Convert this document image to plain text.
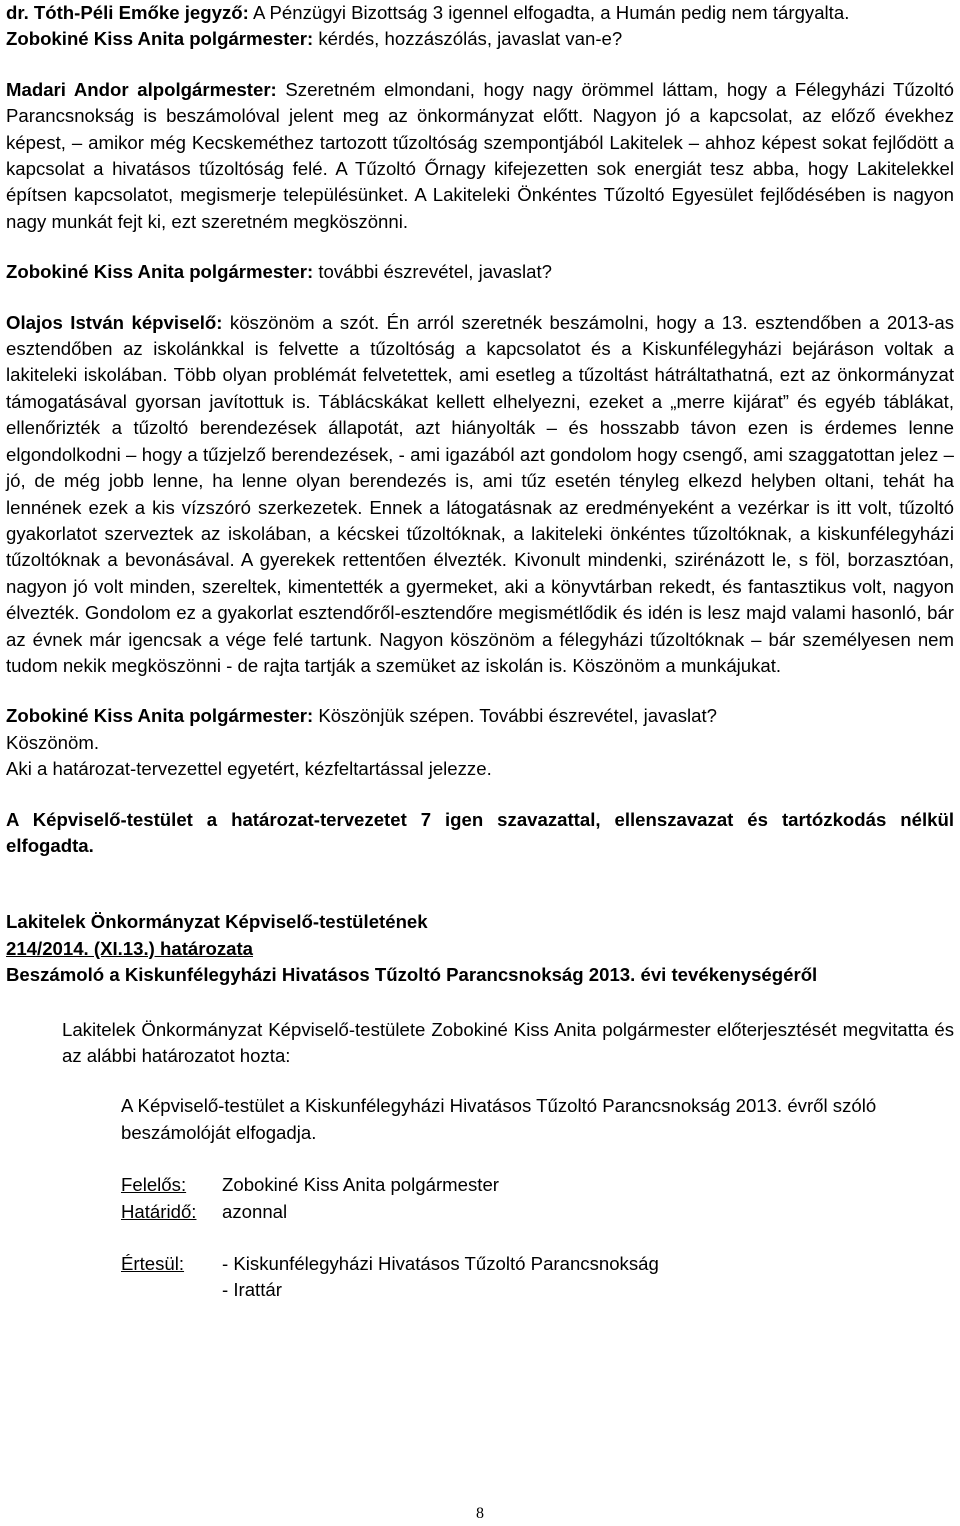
dr. Tóth-Péli Emőke jegyző: A Pénzügyi Bizottság 3 igennel elfogadta, a Humán pedig nem tárgyalta.

Zobokiné Kiss Anita polgármester: kérdés, hozzászólás, javaslat van-e?

Madari Andor alpolgármester: Szeretném elmondani, hogy nagy örömmel láttam, hogy a Félegyházi Tűzoltó Parancsnokság is beszámolóval jelent meg az önkormányzat előtt. Nagyon jó a kapcsolat, az előző évekhez képest, – amikor még Kecskeméthez tartozott tűzoltóság szempontjából Lakitelek – ahhoz képest sokat fejlődött a kapcsolat a hivatásos tűzoltóság felé. A Tűzoltó Őrnagy kifejezetten sok energiát tesz abba, hogy Lakitelekkel építsen kapcsolatot, megismerje településünket. A Lakiteleki Önkéntes Tűzoltó Egyesület fejlődésében is nagyon nagy munkát fejt ki, ezt szeretném megköszönni.

Zobokiné Kiss Anita polgármester: további észrevétel, javaslat?

Olajos István képviselő: köszönöm a szót. Én arról szeretnék beszámolni, hogy a 13. esztendőben a 2013-as esztendőben az iskolánkkal is felvette a tűzoltóság a kapcsolatot és a Kiskunfélegyházi bejáráson voltak a lakiteleki iskolában. Több olyan problémát felvetettek, ami esetleg a tűzoltást hátráltathatná, ezt az önkormányzat támogatásával gyorsan javítottuk is. Táblácskákat kellett elhelyezni, ezeket a „merre kijárat” és egyéb táblákat, ellenőrizték a tűzoltó berendezések állapotát, azt hiányolták – és hosszabb távon ezen is érdemes lenne elgondolkodni – hogy a tűzjelző berendezések, - ami igazából azt gondolom hogy csengő, ami szaggatottan jelez – jó, de még jobb lenne, ha lenne olyan berendezés is, ami tűz esetén tényleg elkezd helyben oltani, tehát ha lennének ezek a kis vízszóró szerkezetek. Ennek a látogatásnak az eredményeként a vezérkar is itt volt, tűzoltó gyakorlatot szerveztek az iskolában, a kécskei tűzoltóknak, a lakiteleki önkéntes tűzoltóknak, a kiskunfélegyházi tűzoltóknak a bevonásával. A gyerekek rettentően élvezték. Kivonult mindenki, szirénázott le, s föl, borzasztóan, nagyon jó volt minden, szereltek, kimentették a gyermeket, aki a könyvtárban rekedt, és fantasztikus volt, nagyon élvezték. Gondolom ez a gyakorlat esztendőről-esztendőre megismétlődik és idén is lesz majd valami hasonló, bár az évnek már igencsak a vége felé tartunk. Nagyon köszönöm a félegyházi tűzoltóknak – bár személyesen nem tudom nekik megköszönni - de rajta tartják a szemüket az iskolán is. Köszönöm a munkájukat.

Zobokiné Kiss Anita polgármester: Köszönjük szépen. További észrevétel, javaslat?

Köszönöm.

Aki a határozat-tervezettel egyetért, kézfeltartással jelezze.

A Képviselő-testület a határozat-tervezetet 7 igen szavazattal, ellenszavazat és tartózkodás nélkül elfogadta.

Lakitelek Önkormányzat Képviselő-testületének

214/2014. (XI.13.) határozata

Beszámoló a Kiskunfélegyházi Hivatásos Tűzoltó Parancsnokság 2013. évi tevékenységéről

Lakitelek Önkormányzat Képviselő-testülete Zobokiné Kiss Anita polgármester előterjesztését megvitatta és az alábbi határozatot hozta:

A Képviselő-testület a Kiskunfélegyházi Hivatásos Tűzoltó Parancsnokság 2013. évről szóló beszámolóját elfogadja.

Felelős:	Zobokiné Kiss Anita polgármester
Határidő:	azonnal
Értesül:	- Kiskunfélegyházi Hivatásos Tűzoltó Parancsnokság
- Irattár
8
